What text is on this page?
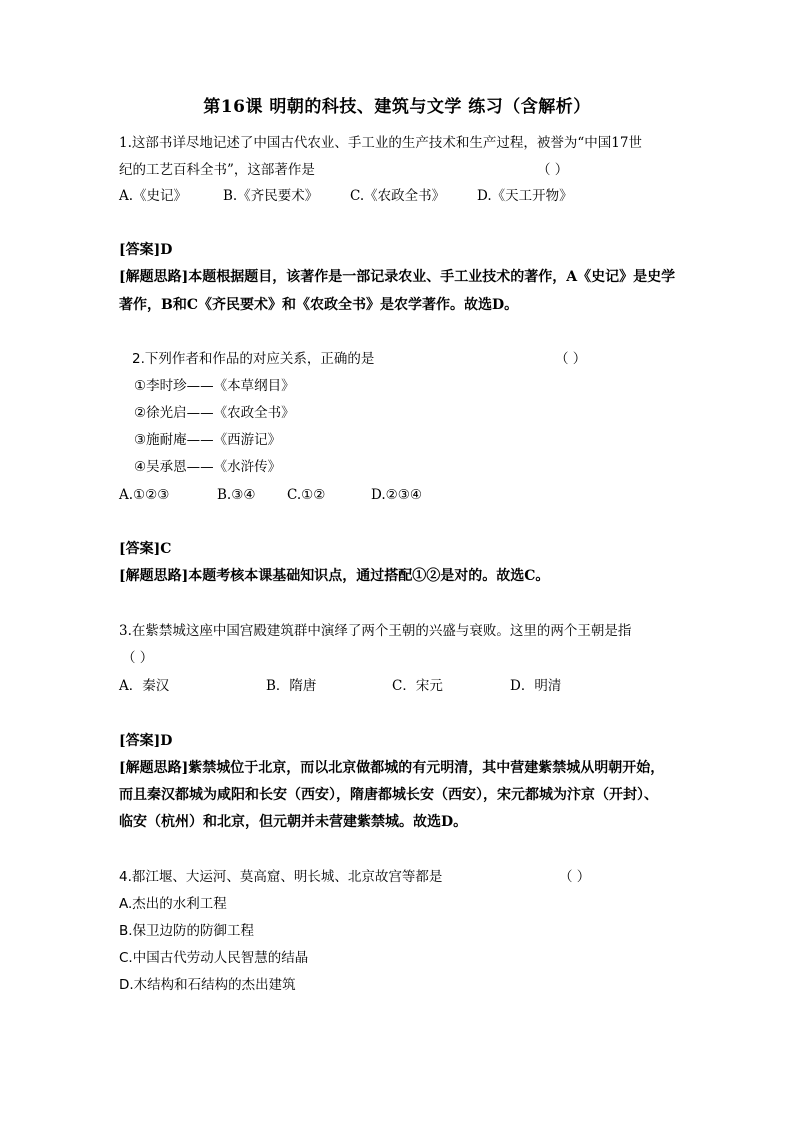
第16课 明朝的科技、建筑与文学 练习（含解析）
1.这部书详尽地记述了中国古代农业、手工业的生产技术和生产过程，被誉为“中国17世
纪的工艺百科全书”，这部著作是	（ ）
A.《史记》	B.《齐民要术》 C.《农政全书》 D.《天工开物》
[答案]D
[解题思路]本题根据题目，该著作是一部记录农业、手工业技术的著作，A《史记》是史学
著作，B和C《齐民要术》和《农政全书》是农学著作。故选D。
2.下列作者和作品的对应关系，正确的是	（ ）
①李时珍——《本草纲目》
②徐光启——《农政全书》
③施耐庵——《西游记》
④吴承恩——《水浒传》
A.①②③	B.③④ C.①②	D.②③④
[答案]C
[解题思路]本题考核本课基础知识点，通过搭配①②是对的。故选C。
3.在紫禁城这座中国宫殿建筑群中演绎了两个王朝的兴盛与衰败。这里的两个王朝是指
（ ）
A．秦汉	B．隋唐	C．宋元	D．明清
[答案]D
[解题思路]紫禁城位于北京，而以北京做都城的有元明清，其中营建紫禁城从明朝开始，
而且秦汉都城为咸阳和长安（西安），隋唐都城长安（西安），宋元都城为汴京（开封）、
临安（杭州）和北京，但元朝并未营建紫禁城。故选D。
4.都江堰、大运河、莫高窟、明长城、北京故宫等都是	（ ）
A.杰出的水利工程
B.保卫边防的防御工程
C.中国古代劳动人民智慧的结晶
D.木结构和石结构的杰出建筑
